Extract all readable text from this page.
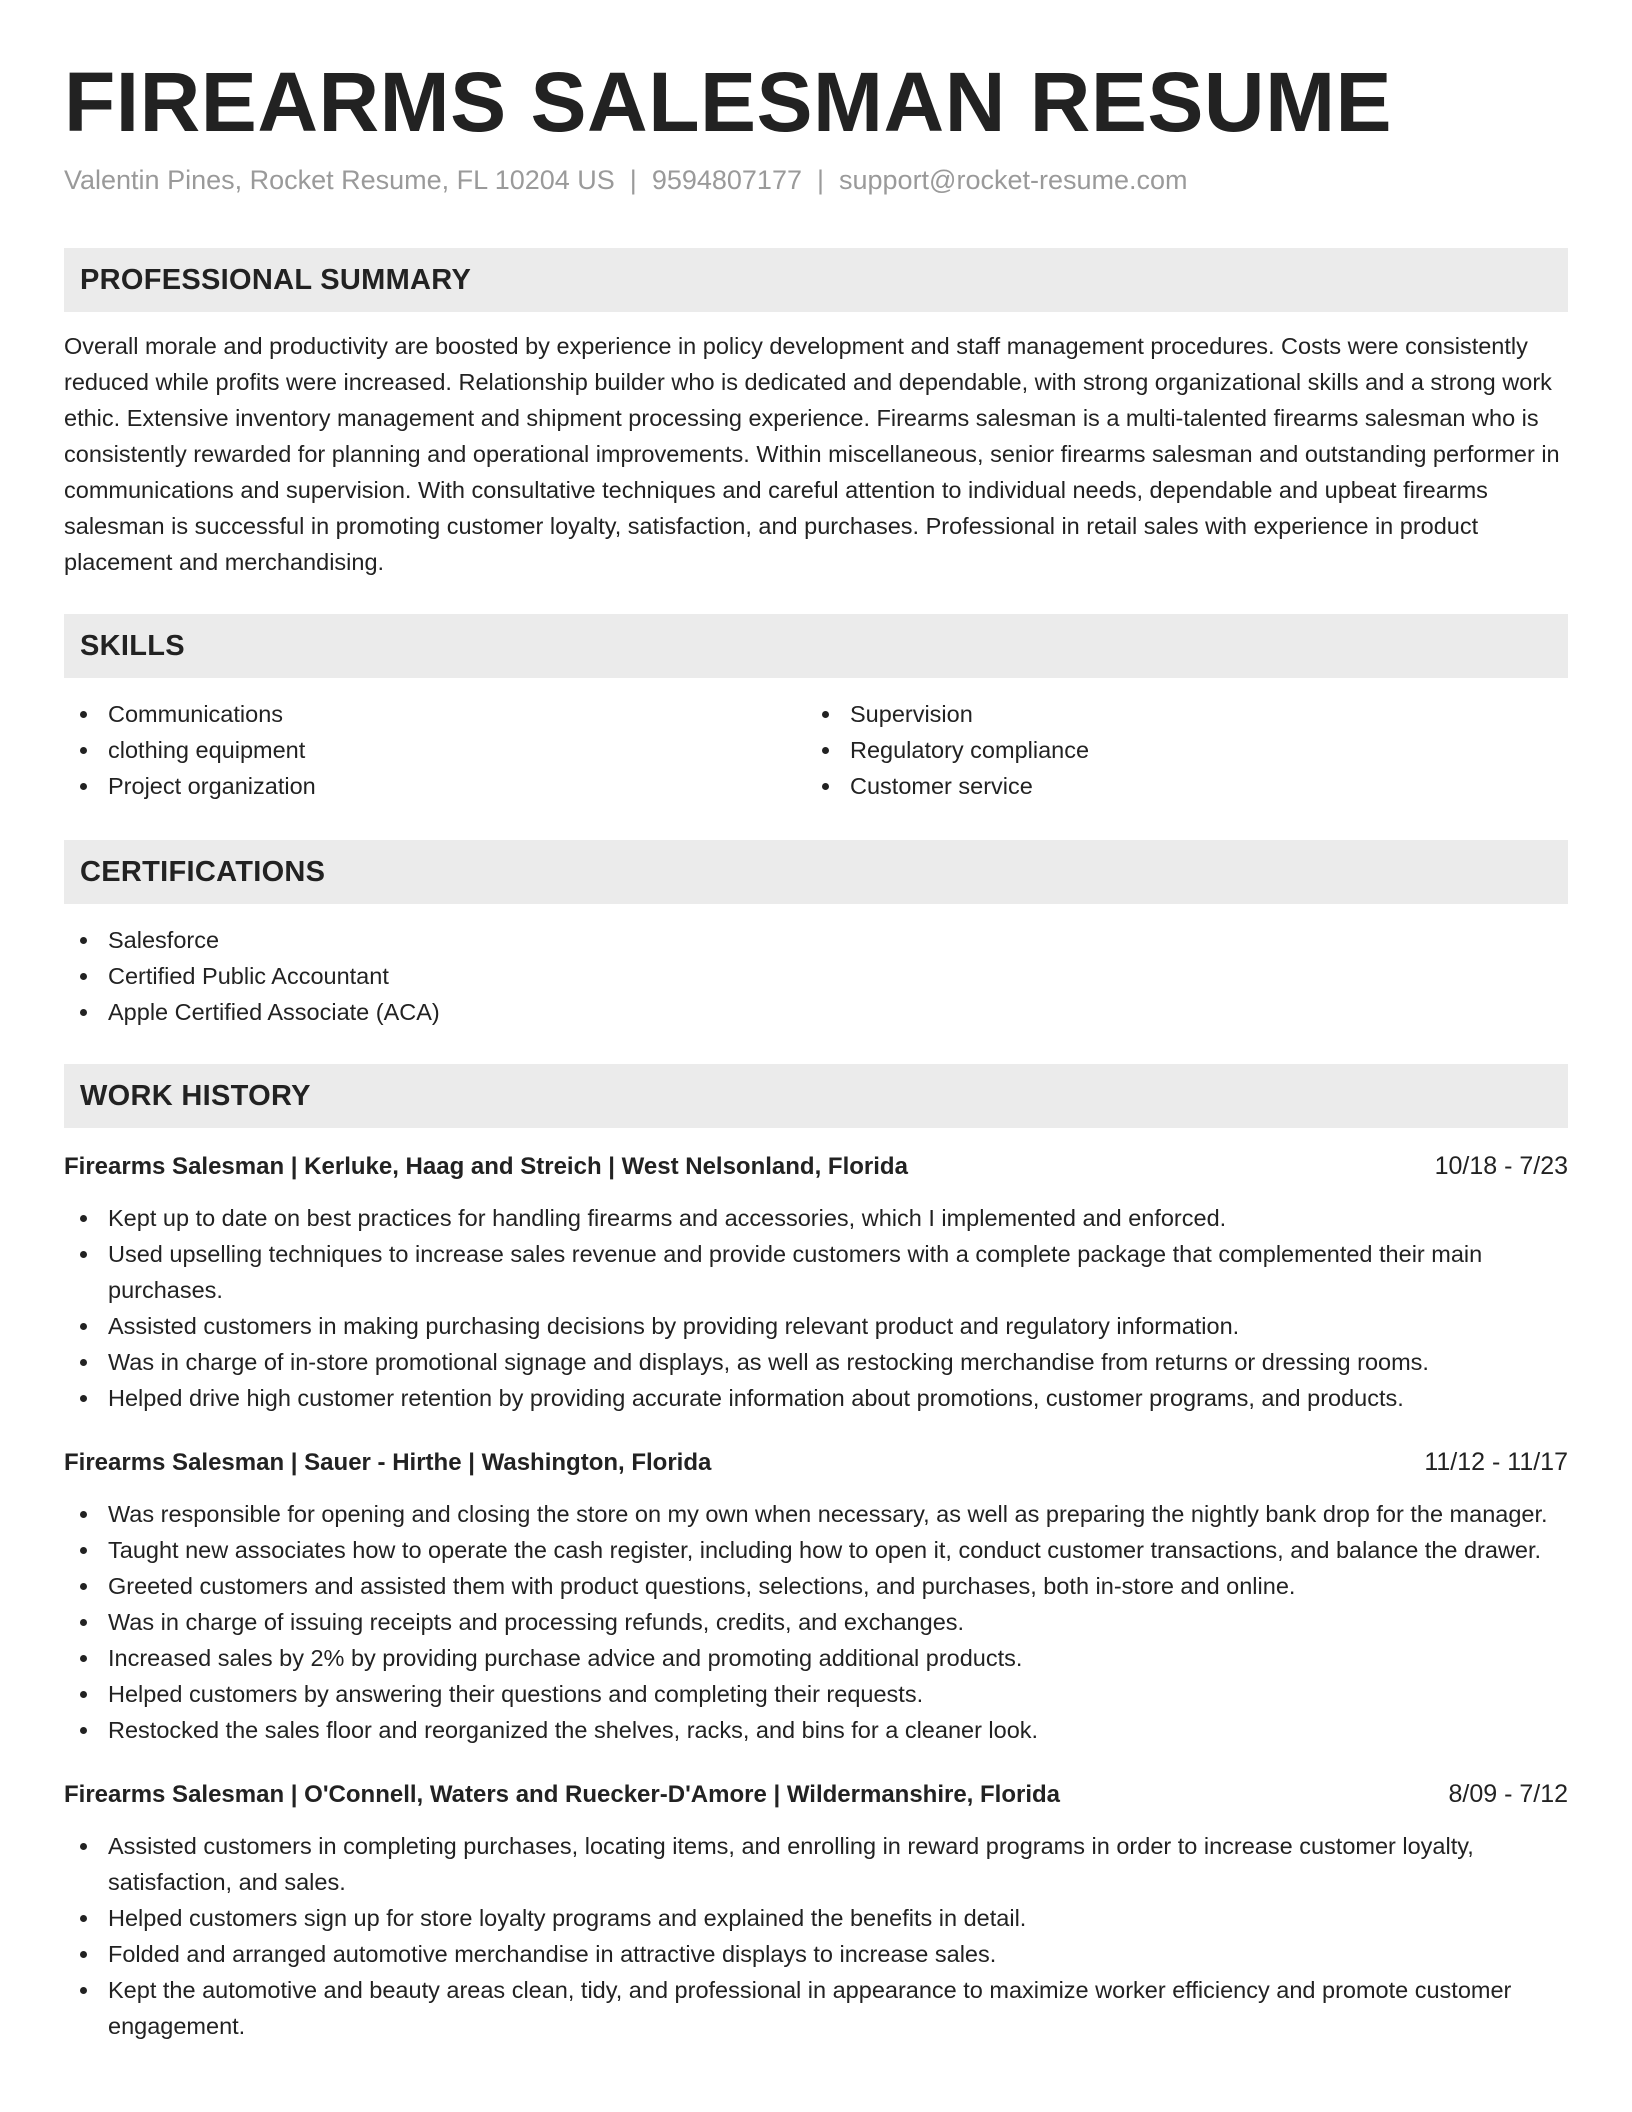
FIREARMS SALESMAN RESUME
Valentin Pines, Rocket Resume, FL 10204 US | 9594807177 | support@rocket-resume.com
PROFESSIONAL SUMMARY

Overall morale and productivity are boosted by experience in policy development and staff management procedures. Costs were consistently reduced while profits were increased. Relationship builder who is dedicated and dependable, with strong organizational skills and a strong work ethic. Extensive inventory management and shipment processing experience. Firearms salesman is a multi-talented firearms salesman who is consistently rewarded for planning and operational improvements. Within miscellaneous, senior firearms salesman and outstanding performer in communications and supervision. With consultative techniques and careful attention to individual needs, dependable and upbeat firearms salesman is successful in promoting customer loyalty, satisfaction, and purchases. Professional in retail sales with experience in product placement and merchandising.

SKILLS
Communications
clothing equipment
Project organization
Supervision
Regulatory compliance
Customer service
CERTIFICATIONS
Salesforce
Certified Public Accountant
Apple Certified Associate (ACA)
WORK HISTORY
Firearms Salesman | Kerluke, Haag and Streich | West Nelsonland, Florida	10/18 - 7/23
Kept up to date on best practices for handling firearms and accessories, which I implemented and enforced.
Used upselling techniques to increase sales revenue and provide customers with a complete package that complemented their main purchases.
Assisted customers in making purchasing decisions by providing relevant product and regulatory information.
Was in charge of in-store promotional signage and displays, as well as restocking merchandise from returns or dressing rooms.
Helped drive high customer retention by providing accurate information about promotions, customer programs, and products.
Firearms Salesman | Sauer - Hirthe | Washington, Florida	11/12 - 11/17
Was responsible for opening and closing the store on my own when necessary, as well as preparing the nightly bank drop for the manager.
Taught new associates how to operate the cash register, including how to open it, conduct customer transactions, and balance the drawer.
Greeted customers and assisted them with product questions, selections, and purchases, both in-store and online.
Was in charge of issuing receipts and processing refunds, credits, and exchanges.
Increased sales by 2% by providing purchase advice and promoting additional products.
Helped customers by answering their questions and completing their requests.
Restocked the sales floor and reorganized the shelves, racks, and bins for a cleaner look.
Firearms Salesman | O'Connell, Waters and Ruecker-D'Amore | Wildermanshire, Florida	8/09 - 7/12
Assisted customers in completing purchases, locating items, and enrolling in reward programs in order to increase customer loyalty, satisfaction, and sales.
Helped customers sign up for store loyalty programs and explained the benefits in detail.
Folded and arranged automotive merchandise in attractive displays to increase sales.
Kept the automotive and beauty areas clean, tidy, and professional in appearance to maximize worker efficiency and promote customer engagement.
